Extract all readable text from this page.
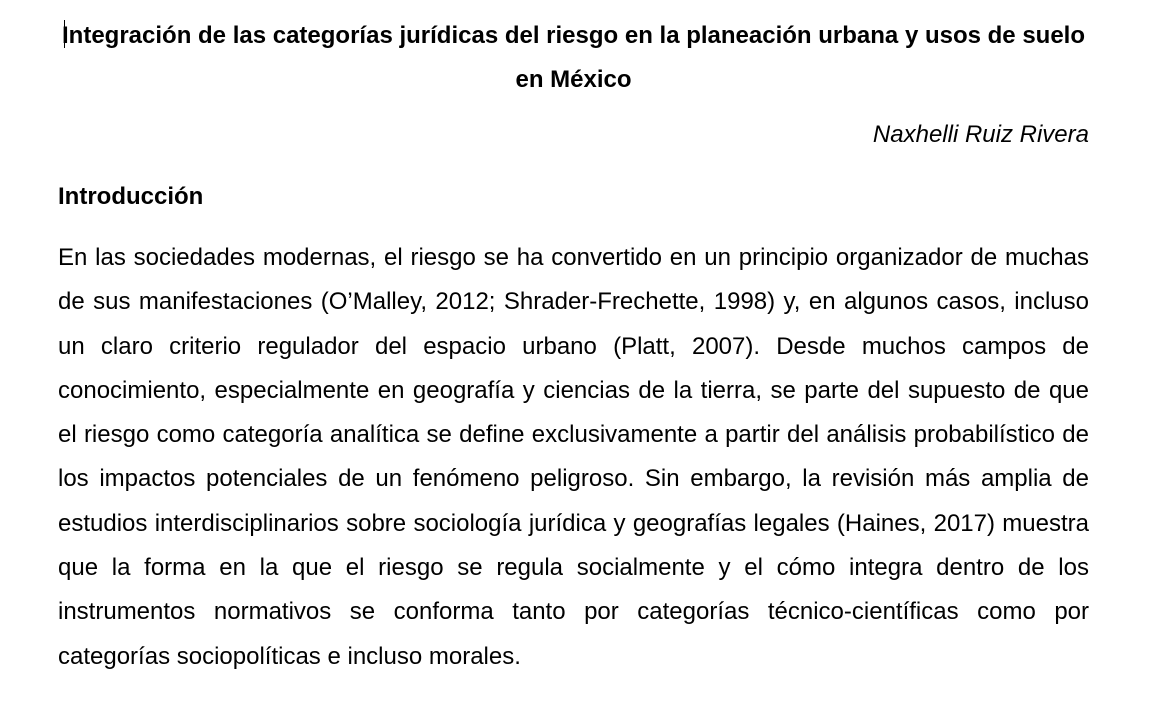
Integración de las categorías jurídicas del riesgo en la planeación urbana y usos de suelo en México

Naxhelli Ruiz Rivera

Introducción

En las sociedades modernas, el riesgo se ha convertido en un principio organizador de muchas de sus manifestaciones (O’Malley, 2012; Shrader-Frechette, 1998) y, en algunos casos, incluso un claro criterio regulador del espacio urbano (Platt, 2007). Desde muchos campos de conocimiento, especialmente en geografía y ciencias de la tierra, se parte del supuesto de que el riesgo como categoría analítica se define exclusivamente a partir del análisis probabilístico de los impactos potenciales de un fenómeno peligroso. Sin embargo, la revisión más amplia de estudios interdisciplinarios sobre sociología jurídica y geografías legales (Haines, 2017) muestra que la forma en la que el riesgo se regula socialmente y el cómo integra dentro de los instrumentos normativos se conforma tanto por categorías técnico-científicas como por categorías sociopolíticas e incluso morales.
